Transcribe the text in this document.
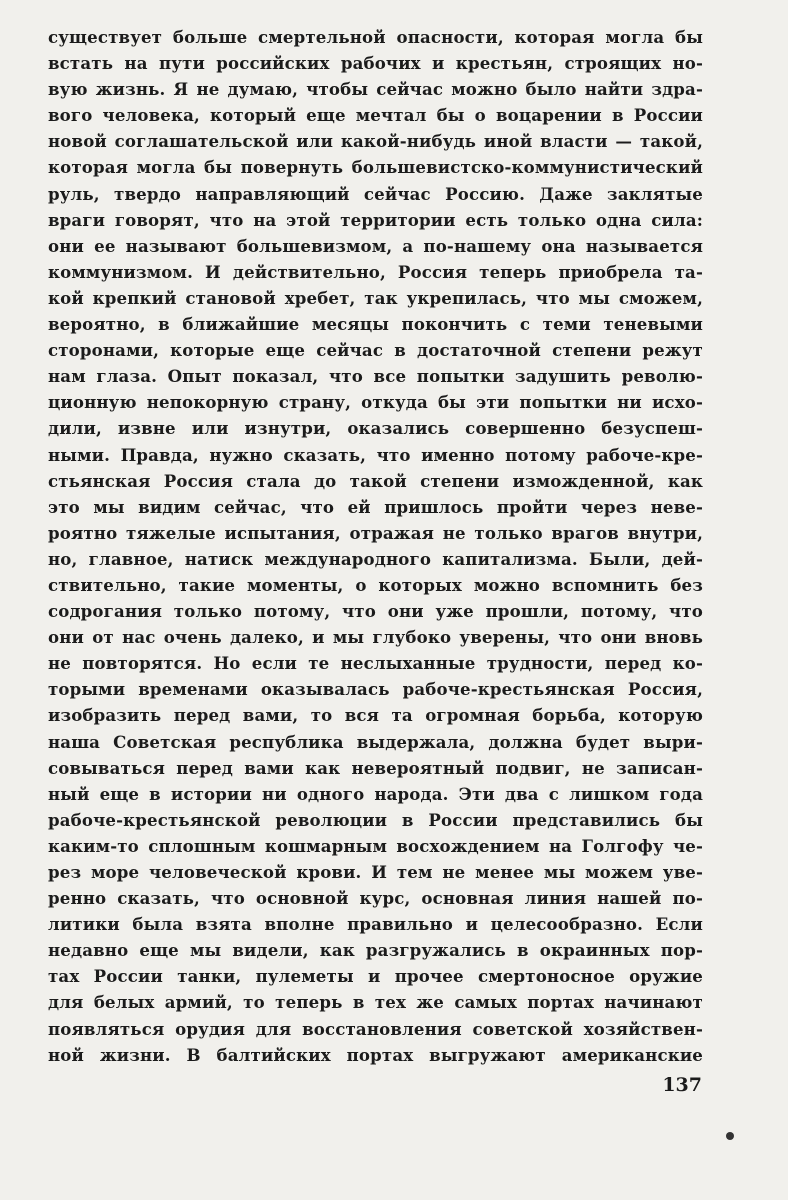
существует больше смертельной опасности, которая могла бы
встать на пути российских рабочих и крестьян, строящих но-
вую жизнь. Я не думаю, чтобы сейчас можно было найти здра-
вого человека, который еще мечтал бы о воцарении в России
новой соглашательской или какой-нибудь иной власти — такой,
которая могла бы повернуть большевистско-коммунистический
руль, твердо направляющий сейчас Россию. Даже заклятые
враги говорят, что на этой территории есть только одна сила:
они ее называют большевизмом, а по-нашему она называется
коммунизмом. И действительно, Россия теперь приобрела та-
кой крепкий становой хребет, так укрепилась, что мы сможем,
вероятно, в ближайшие месяцы покончить с теми теневыми
сторонами, которые еще сейчас в достаточной степени режут
нам глаза. Опыт показал, что все попытки задушить револю-
ционную непокорную страну, откуда бы эти попытки ни исхо-
дили, извне или изнутри, оказались совершенно безуспеш-
ными. Правда, нужно сказать, что именно потому рабоче-кре-
стьянская Россия стала до такой степени изможденной, как
это мы видим сейчас, что ей пришлось пройти через неве-
роятно тяжелые испытания, отражая не только врагов внутри,
но, главное, натиск международного капитализма. Были, дей-
ствительно, такие моменты, о которых можно вспомнить без
содрогания только потому, что они уже прошли, потому, что
они от нас очень далеко, и мы глубоко уверены, что они вновь
не повторятся. Но если те неслыханные трудности, перед ко-
торыми временами оказывалась рабоче-крестьянская Россия,
изобразить перед вами, то вся та огромная борьба, которую
наша Советская республика выдержала, должна будет выри-
совываться перед вами как невероятный подвиг, не записан-
ный еще в истории ни одного народа. Эти два с лишком года
рабоче-крестьянской революции в России представились бы
каким-то сплошным кошмарным восхождением на Голгофу че-
рез море человеческой крови. И тем не менее мы можем уве-
ренно сказать, что основной курс, основная линия нашей по-
литики была взята вполне правильно и целесообразно. Если
недавно еще мы видели, как разгружались в окраинных пор-
тах России танки, пулеметы и прочее смертоносное оружие
для белых армий, то теперь в тех же самых портах начинают
появляться орудия для восстановления советской хозяйствен-
ной жизни. В балтийских портах выгружают американские
137
